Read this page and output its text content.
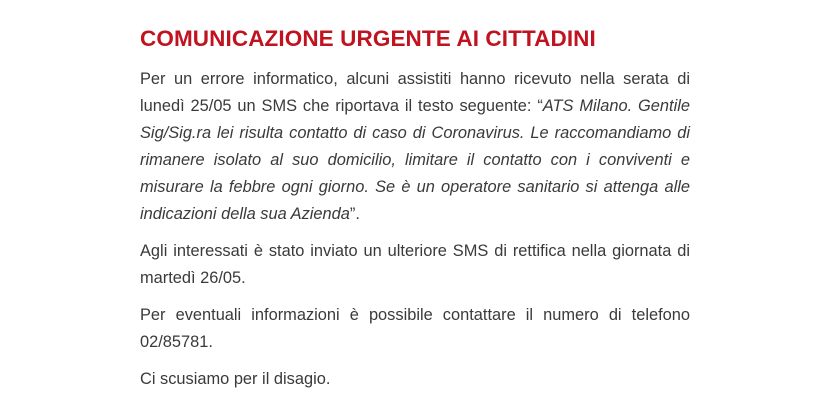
COMUNICAZIONE URGENTE AI CITTADINI

Per un errore informatico, alcuni assistiti hanno ricevuto nella serata di lunedì 25/05 un SMS che riportava il testo seguente: “ATS Milano. Gentile Sig/Sig.ra lei risulta contatto di caso di Coronavirus. Le raccomandiamo di rimanere isolato al suo domicilio, limitare il contatto con i conviventi e misurare la febbre ogni giorno. Se è un operatore sanitario si attenga alle indicazioni della sua Azienda”.

Agli interessati è stato inviato un ulteriore SMS di rettifica nella giornata di martedì 26/05.

Per eventuali informazioni è possibile contattare il numero di telefono 02/85781.

Ci scusiamo per il disagio.
